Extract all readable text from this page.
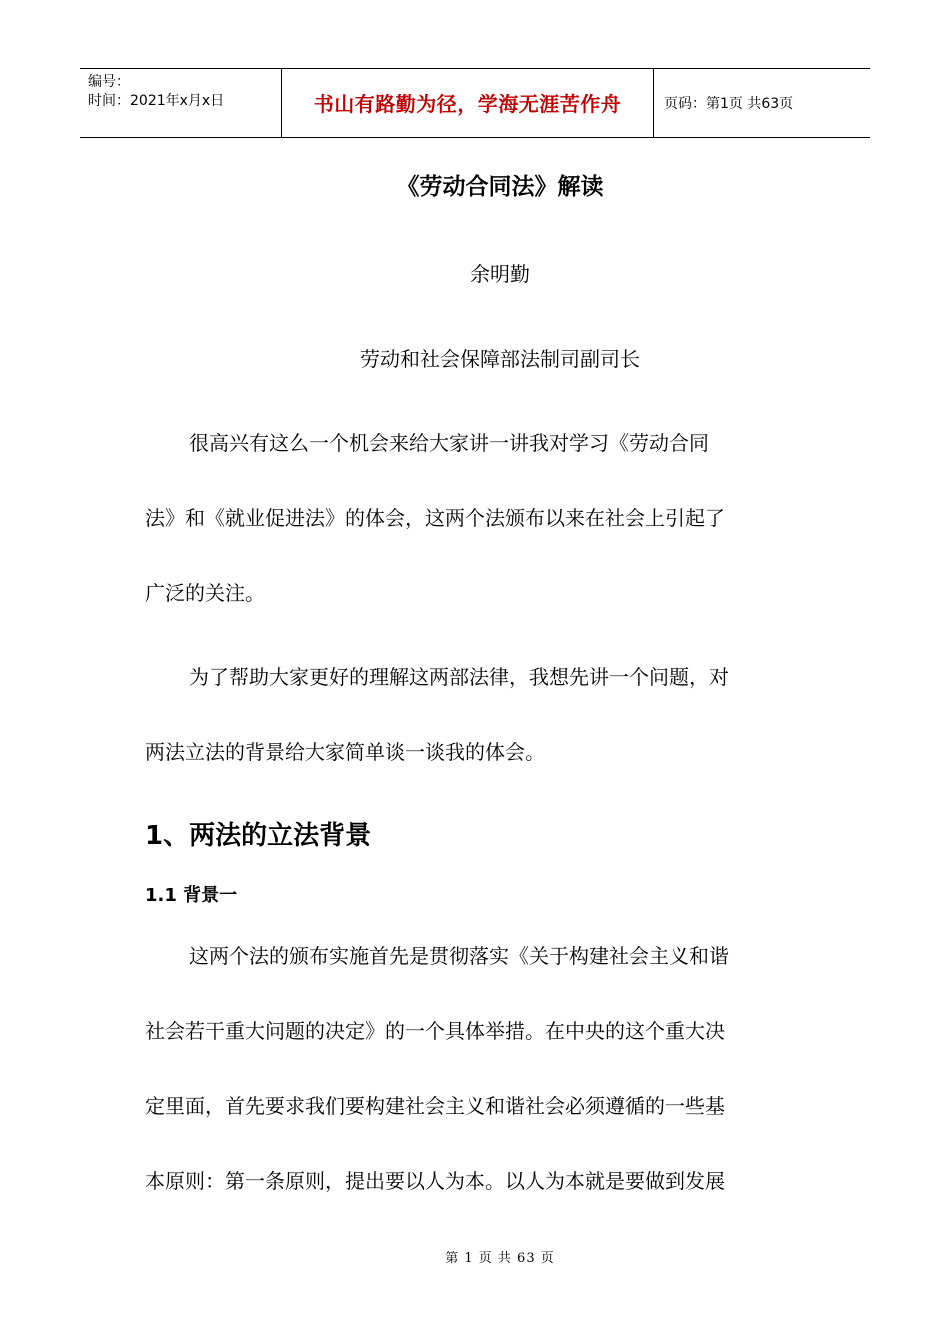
编号：
时间：2021年x月x日	书山有路勤为径，学海无涯苦作舟	页码：第1页 共63页
《劳动合同法》解读
余明勤
劳动和社会保障部法制司副司长
很高兴有这么一个机会来给大家讲一讲我对学习《劳动合同
法》和《就业促进法》的体会，这两个法颁布以来在社会上引起了
广泛的关注。
为了帮助大家更好的理解这两部法律，我想先讲一个问题，对
两法立法的背景给大家简单谈一谈我的体会。
1、两法的立法背景
1.1 背景一
这两个法的颁布实施首先是贯彻落实《关于构建社会主义和谐
社会若干重大问题的决定》的一个具体举措。在中央的这个重大决
定里面，首先要求我们要构建社会主义和谐社会必须遵循的一些基
本原则：第一条原则，提出要以人为本。以人为本就是要做到发展
第 1 页 共 63 页
